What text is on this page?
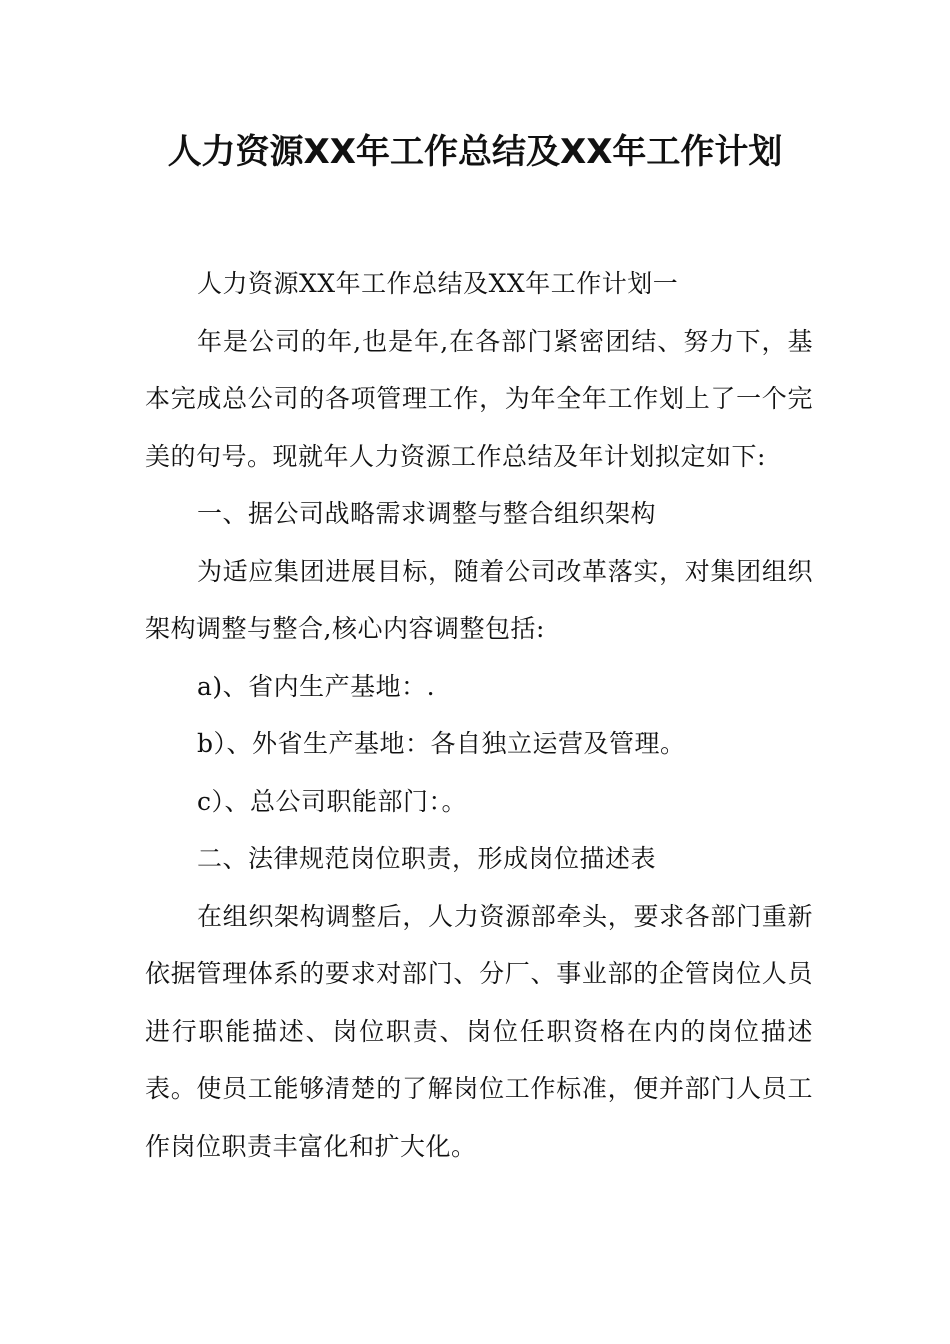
人力资源XX年工作总结及XX年工作计划

人力资源XX年工作总结及XX年工作计划一

年是公司的年,也是年,在各部门紧密团结、努力下，基本完成总公司的各项管理工作，为年全年工作划上了一个完美的句号。现就年人力资源工作总结及年计划拟定如下:

一、据公司战略需求调整与整合组织架构

为适应集团进展目标，随着公司改革落实，对集团组织架构调整与整合,核心内容调整包括:

a)、省内生产基地：.

b）、外省生产基地：各自独立运营及管理。

c）、总公司职能部门：。

二、法律规范岗位职责，形成岗位描述表

在组织架构调整后，人力资源部牵头，要求各部门重新依据管理体系的要求对部门、分厂、事业部的企管岗位人员进行职能描述、岗位职责、岗位任职资格在内的岗位描述表。使员工能够清楚的了解岗位工作标准，便并部门人员工作岗位职责丰富化和扩大化。
